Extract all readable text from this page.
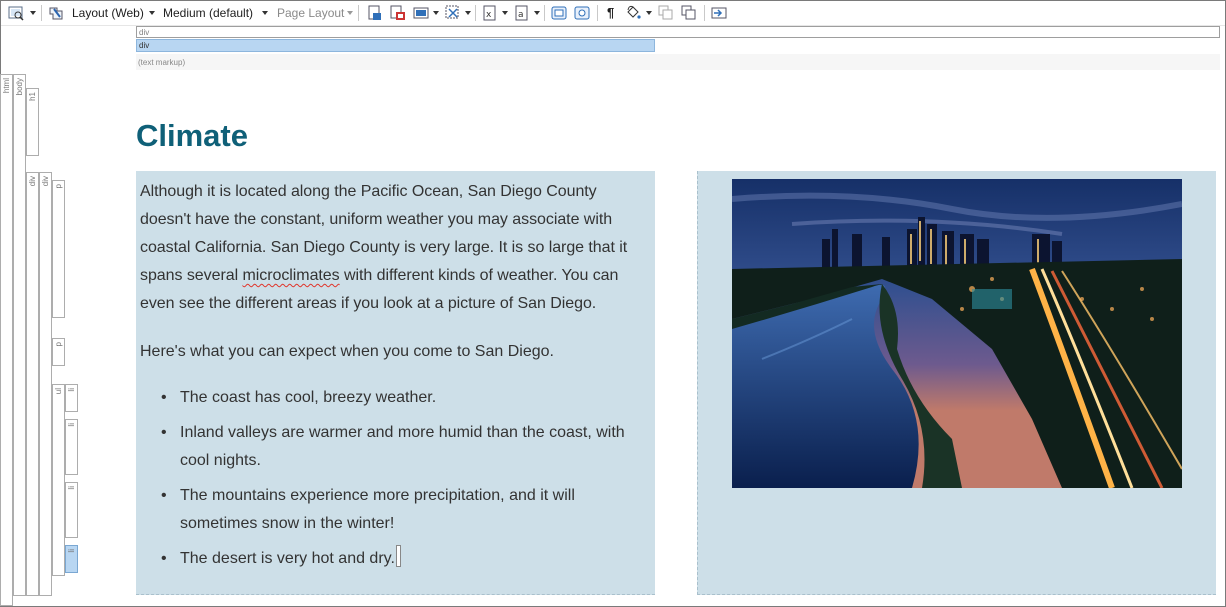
Layout (Web) Medium (default) Page Layout	x	a	¶
div
div
(text markup)
html body
h1
div div p
p
ul li
li
li
li
Climate

Although it is located along the Pacific Ocean, San Diego County doesn't have the constant, uniform weather you may associate with coastal California. San Diego County is very large. It is so large that it spans several microclimates with different kinds of weather. You can even see the different areas if you look at a picture of San Diego.

Here's what you can expect when you come to San Diego.

• The coast has cool, breezy weather.
• Inland valleys are warmer and more humid than the coast, with cool nights.
• The mountains experience more precipitation, and it will sometimes snow in the winter!
• The desert is very hot and dry.
